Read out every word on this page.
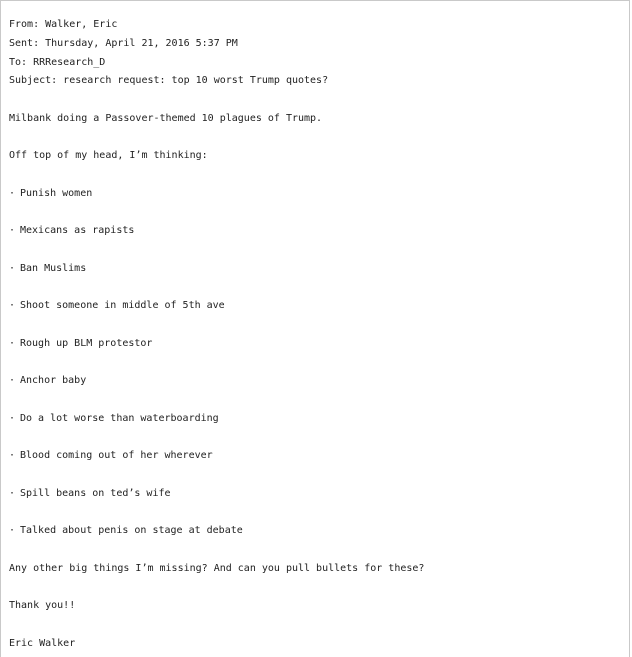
From: Walker, Eric
Sent: Thursday, April 21, 2016 5:37 PM
To: RRResearch_D
Subject: research request: top 10 worst Trump quotes?
Milbank doing a Passover-themed 10 plagues of Trump.
Off top of my head, I’m thinking:
· Punish women
· Mexicans as rapists
· Ban Muslims
· Shoot someone in middle of 5th ave
· Rough up BLM protestor
· Anchor baby
· Do a lot worse than waterboarding
· Blood coming out of her wherever
· Spill beans on ted’s wife
· Talked about penis on stage at debate
Any other big things I’m missing? And can you pull bullets for these?
Thank you!!
Eric Walker
